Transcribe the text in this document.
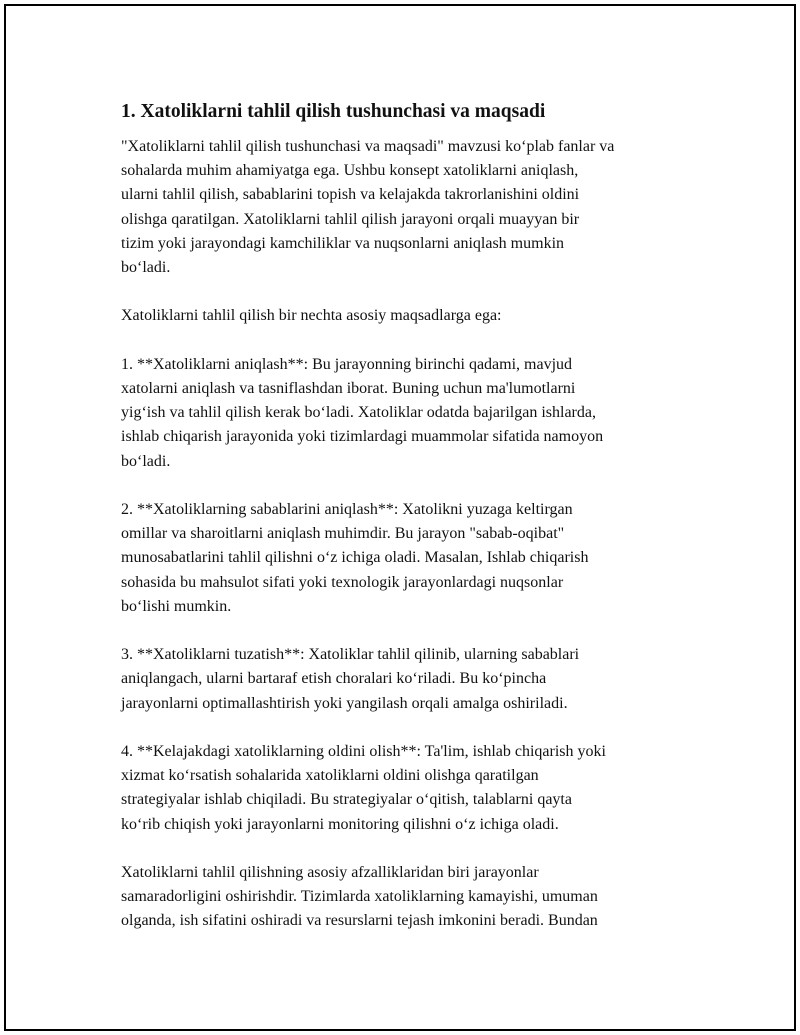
1. Xatoliklarni tahlil qilish tushunchasi va maqsadi

"Xatoliklarni tahlil qilish tushunchasi va maqsadi" mavzusi ko‘plab fanlar va
sohalarda muhim ahamiyatga ega. Ushbu konsept xatoliklarni aniqlash,
ularni tahlil qilish, sabablarini topish va kelajakda takrorlanishini oldini
olishga qaratilgan. Xatoliklarni tahlil qilish jarayoni orqali muayyan bir
tizim yoki jarayondagi kamchiliklar va nuqsonlarni aniqlash mumkin
bo‘ladi.

Xatoliklarni tahlil qilish bir nechta asosiy maqsadlarga ega:

1. **Xatoliklarni aniqlash**: Bu jarayonning birinchi qadami, mavjud
xatolarni aniqlash va tasniflashdan iborat. Buning uchun ma'lumotlarni
yig‘ish va tahlil qilish kerak bo‘ladi. Xatoliklar odatda bajarilgan ishlarda,
ishlab chiqarish jarayonida yoki tizimlardagi muammolar sifatida namoyon
bo‘ladi.

2. **Xatoliklarning sabablarini aniqlash**: Xatolikni yuzaga keltirgan
omillar va sharoitlarni aniqlash muhimdir. Bu jarayon "sabab-oqibat"
munosabatlarini tahlil qilishni o‘z ichiga oladi. Masalan, Ishlab chiqarish
sohasida bu mahsulot sifati yoki texnologik jarayonlardagi nuqsonlar
bo‘lishi mumkin.

3. **Xatoliklarni tuzatish**: Xatoliklar tahlil qilinib, ularning sabablari
aniqlangach, ularni bartaraf etish choralari ko‘riladi. Bu ko‘pincha
jarayonlarni optimallashtirish yoki yangilash orqali amalga oshiriladi.

4. **Kelajakdagi xatoliklarning oldini olish**: Ta'lim, ishlab chiqarish yoki
xizmat ko‘rsatish sohalarida xatoliklarni oldini olishga qaratilgan
strategiyalar ishlab chiqiladi. Bu strategiyalar o‘qitish, talablarni qayta
ko‘rib chiqish yoki jarayonlarni monitoring qilishni o‘z ichiga oladi.

Xatoliklarni tahlil qilishning asosiy afzalliklaridan biri jarayonlar
samaradorligini oshirishdir. Tizimlarda xatoliklarning kamayishi, umuman
olganda, ish sifatini oshiradi va resurslarni tejash imkonini beradi. Bundan
